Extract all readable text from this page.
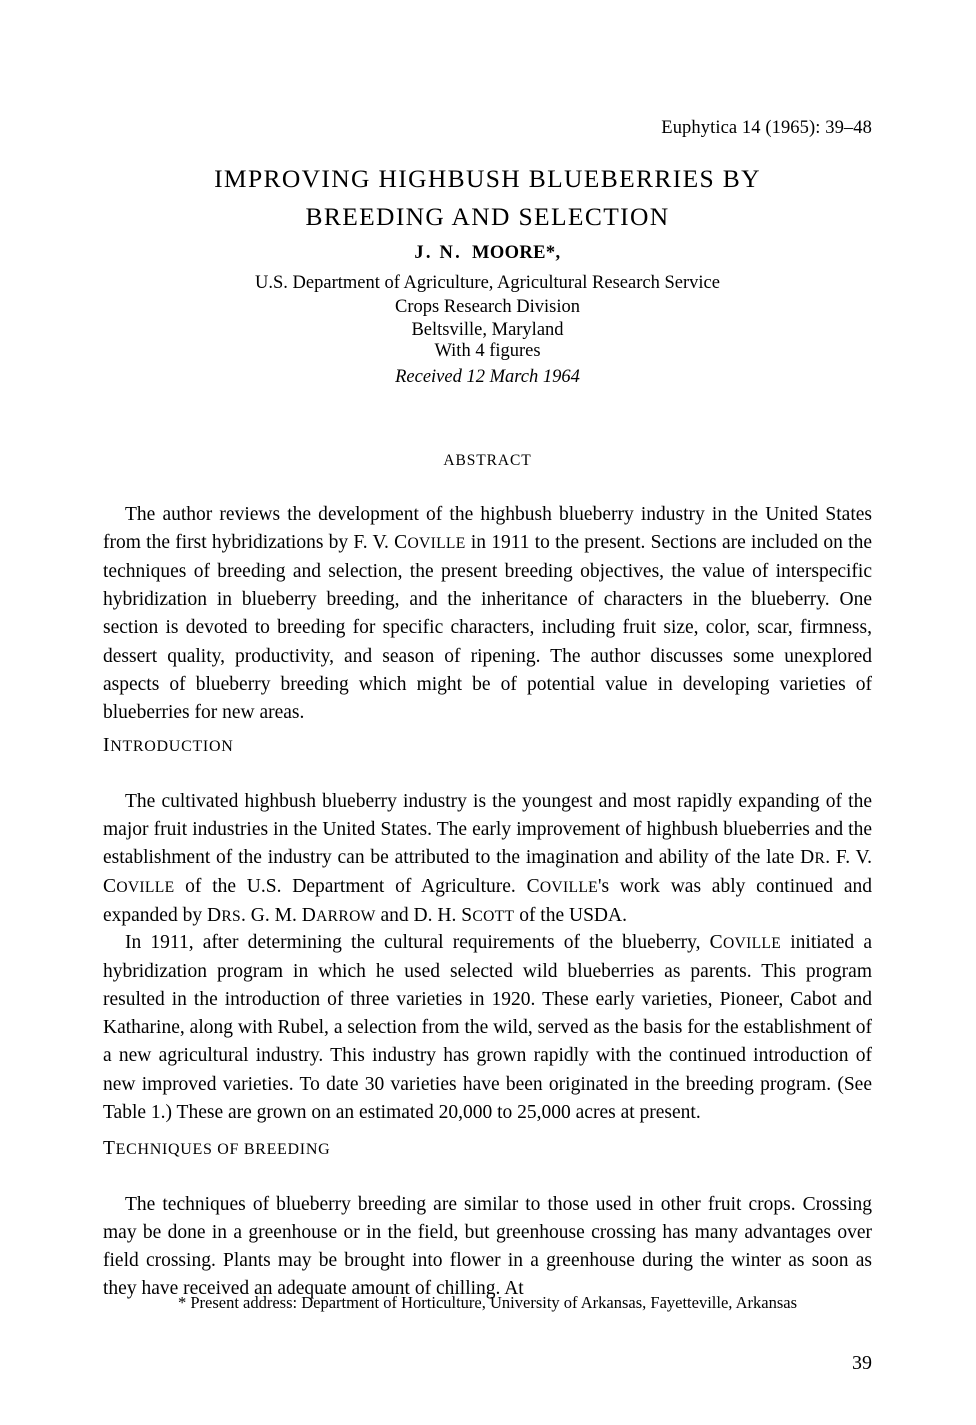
Euphytica 14 (1965): 39–48
IMPROVING HIGHBUSH BLUEBERRIES BY
BREEDING AND SELECTION
J. N. MOORE*,
U.S. Department of Agriculture, Agricultural Research Service
Crops Research Division
Beltsville, Maryland
With 4 figures
Received 12 March 1964
ABSTRACT

The author reviews the development of the highbush blueberry industry in the United States from the first hybridizations by F. V. COVILLE in 1911 to the present. Sections are included on the techniques of breeding and selection, the present breeding objectives, the value of interspecific hybridization in blueberry breeding, and the inheritance of characters in the blueberry. One section is devoted to breeding for specific characters, including fruit size, color, scar, firmness, dessert quality, productivity, and season of ripening. The author discusses some unexplored aspects of blueberry breeding which might be of potential value in developing varieties of blueberries for new areas.

INTRODUCTION

The cultivated highbush blueberry industry is the youngest and most rapidly expanding of the major fruit industries in the United States. The early improvement of highbush blueberries and the establishment of the industry can be attributed to the imagination and ability of the late DR. F. V. COVILLE of the U.S. Department of Agriculture. COVILLE's work was ably continued and expanded by DRS. G. M. DARROW and D. H. SCOTT of the USDA.

In 1911, after determining the cultural requirements of the blueberry, COVILLE initiated a hybridization program in which he used selected wild blueberries as parents. This program resulted in the introduction of three varieties in 1920. These early varieties, Pioneer, Cabot and Katharine, along with Rubel, a selection from the wild, served as the basis for the establishment of a new agricultural industry. This industry has grown rapidly with the continued introduction of new improved varieties. To date 30 varieties have been originated in the breeding program. (See Table 1.) These are grown on an estimated 20,000 to 25,000 acres at present.

TECHNIQUES OF BREEDING

The techniques of blueberry breeding are similar to those used in other fruit crops. Crossing may be done in a greenhouse or in the field, but greenhouse crossing has many advantages over field crossing. Plants may be brought into flower in a greenhouse during the winter as soon as they have received an adequate amount of chilling. At

* Present address: Department of Horticulture, University of Arkansas, Fayetteville, Arkansas
39
